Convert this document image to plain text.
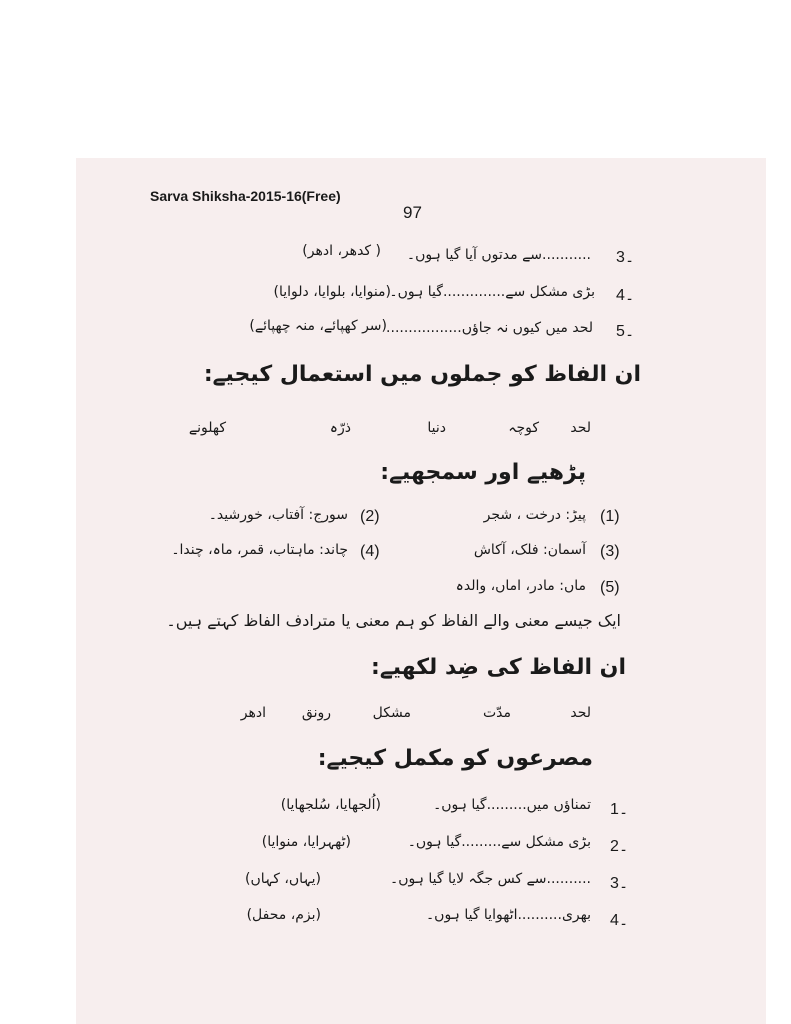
Sarva Shiksha-2015-16(Free)
97
3۔
...........سے مدتوں آیا گیا ہوں۔
( کدھر، ادھر)
4۔
بڑی مشکل سے..............گیا ہوں۔
(منوایا، بلوایا، دلوایا)
5۔
لحد میں کیوں نہ جاؤں.................
(سر کھپائے، منہ چھپائے)
ان الفاظ کو جملوں میں استعمال کیجیے:
لحد
کوچہ
دنیا
ذرّہ
کھلونے
پڑھیے اور سمجھیے:
(1)
پیڑ: درخت ، شجر
(2)
سورج: آفتاب، خورشید۔
(3)
آسمان: فلک، آکاش
(4)
چاند: ماہتاب، قمر، ماہ، چندا۔
(5)
ماں: مادر، اماں، والدہ
ایک جیسے معنی والے الفاظ کو ہم معنی یا مترادف الفاظ کہتے ہیں۔
ان الفاظ کی ضِد لکھیے:
لحد
مدّت
مشکل
رونق
ادھر
مصرعوں کو مکمل کیجیے:
1۔
تمناؤں میں.........گیا ہوں۔
(اُلجھایا، سُلجھایا)
2۔
بڑی مشکل سے.........گیا ہوں۔
(ٹھہرایا، منوایا)
3۔
..........سے کس جگہ لایا گیا ہوں۔
(یہاں، کہاں)
4۔
بھری..........اٹھوایا گیا ہوں۔
(بزم، محفل)
